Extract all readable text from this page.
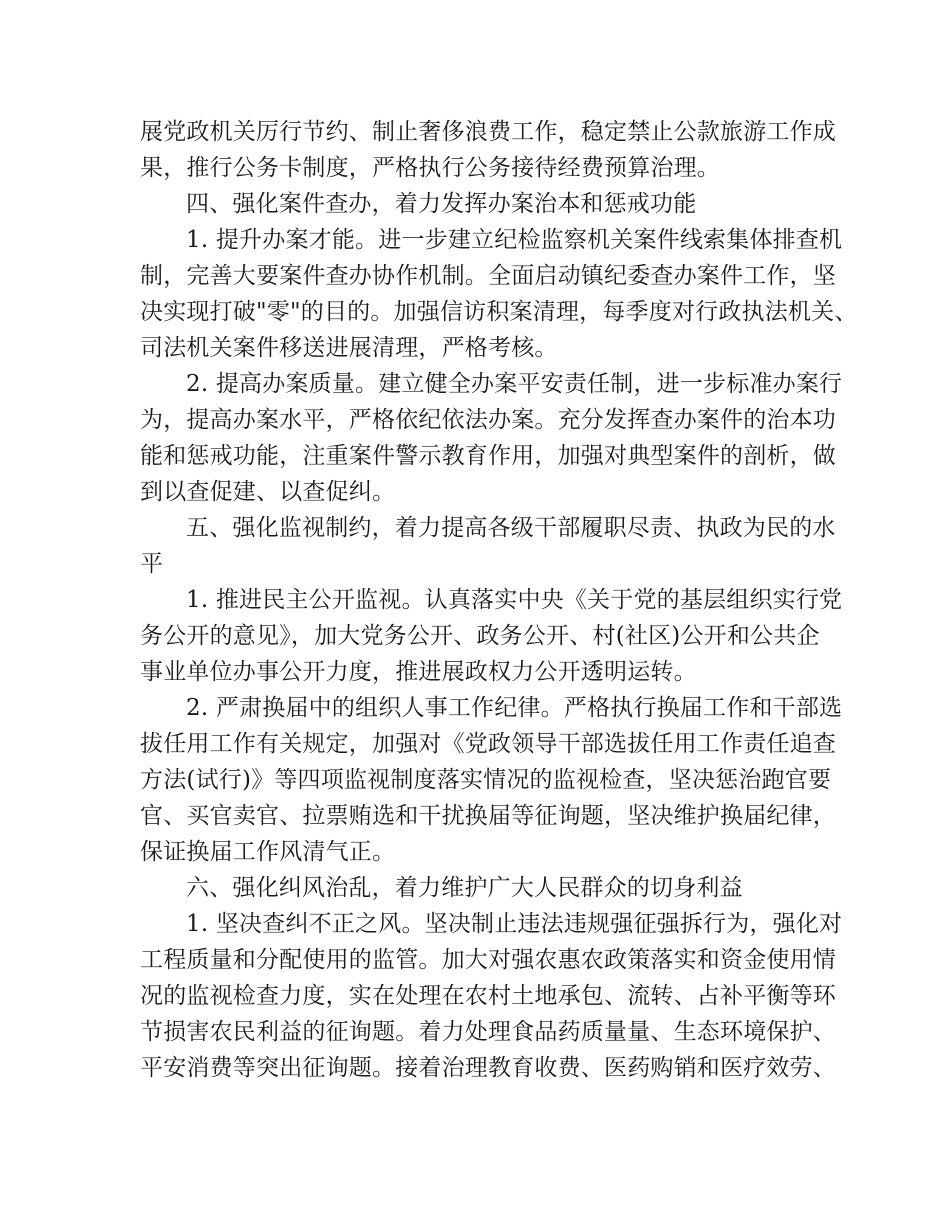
展党政机关厉行节约、制止奢侈浪费工作，稳定禁止公款旅游工作成

果，推行公务卡制度，严格执行公务接待经费预算治理。

四、强化案件查办，着力发挥办案治本和惩戒功能

1. 提升办案才能。进一步建立纪检监察机关案件线索集体排查机

制，完善大要案件查办协作机制。全面启动镇纪委查办案件工作，坚

决实现打破"零"的目的。加强信访积案清理，每季度对行政执法机关、

司法机关案件移送进展清理，严格考核。

2. 提高办案质量。建立健全办案平安责任制，进一步标准办案行

为，提高办案水平，严格依纪依法办案。充分发挥查办案件的治本功

能和惩戒功能，注重案件警示教育作用，加强对典型案件的剖析，做

到以查促建、以查促纠。

五、强化监视制约，着力提高各级干部履职尽责、执政为民的水

平

1. 推进民主公开监视。认真落实中央《关于党的基层组织实行党

务公开的意见》，加大党务公开、政务公开、村(社区)公开和公共企

事业单位办事公开力度，推进展政权力公开透明运转。

2. 严肃换届中的组织人事工作纪律。严格执行换届工作和干部选

拔任用工作有关规定，加强对《党政领导干部选拔任用工作责任追查

方法(试行)》等四项监视制度落实情况的监视检查，坚决惩治跑官要

官、买官卖官、拉票贿选和干扰换届等征询题，坚决维护换届纪律，

保证换届工作风清气正。

六、强化纠风治乱，着力维护广大人民群众的切身利益

1. 坚决查纠不正之风。坚决制止违法违规强征强拆行为，强化对

工程质量和分配使用的监管。加大对强农惠农政策落实和资金使用情

况的监视检查力度，实在处理在农村土地承包、流转、占补平衡等环

节损害农民利益的征询题。着力处理食品药质量量、生态环境保护、

平安消费等突出征询题。接着治理教育收费、医药购销和医疗效劳、
